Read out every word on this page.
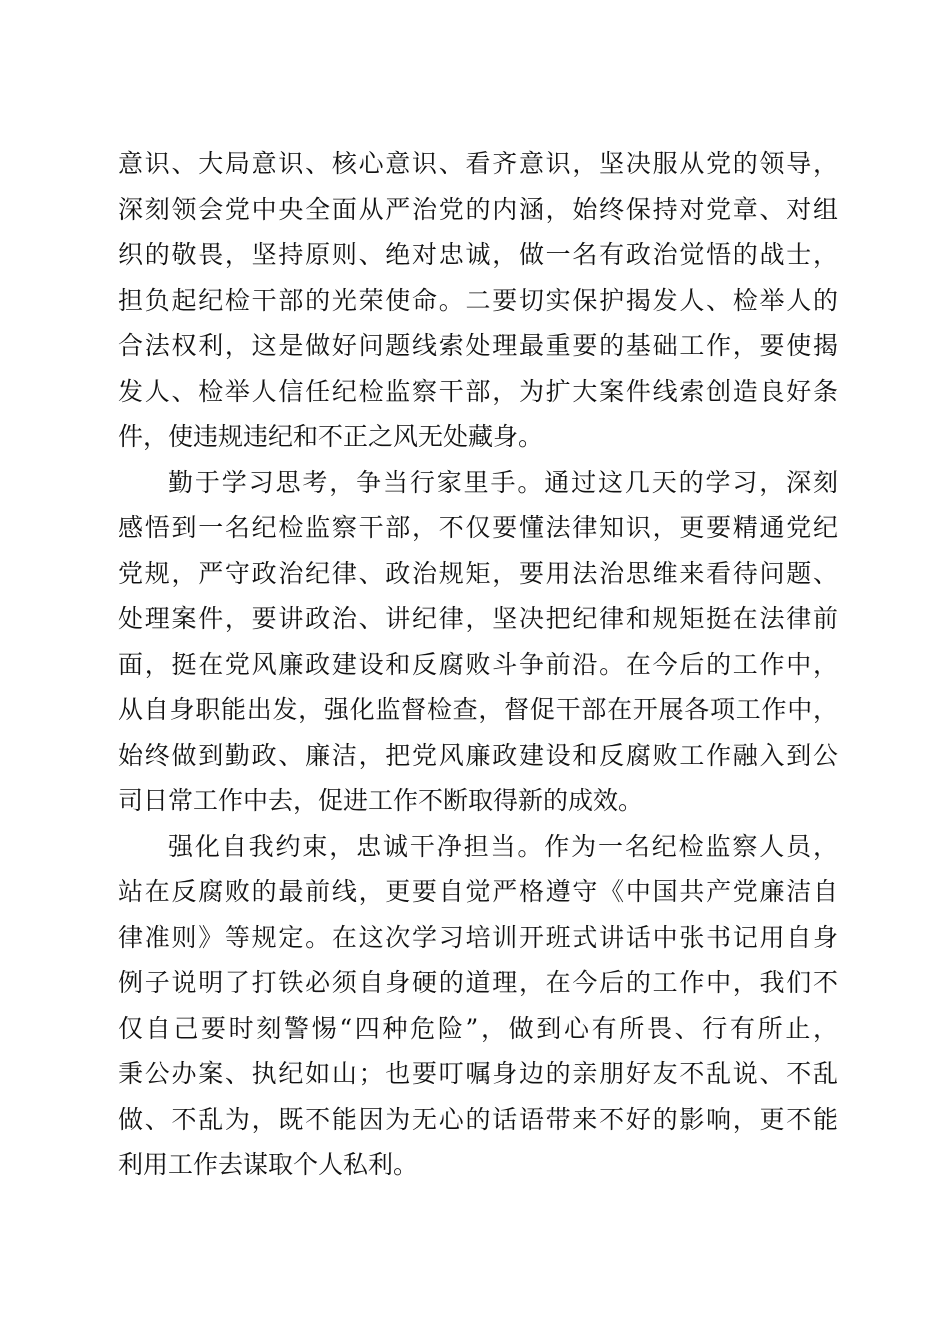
意识、大局意识、核心意识、看齐意识，坚决服从党的领导，
深刻领会党中央全面从严治党的内涵，始终保持对党章、对组
织的敬畏，坚持原则、绝对忠诚，做一名有政治觉悟的战士，
担负起纪检干部的光荣使命。二要切实保护揭发人、检举人的
合法权利，这是做好问题线索处理最重要的基础工作，要使揭
发人、检举人信任纪检监察干部，为扩大案件线索创造良好条
件，使违规违纪和不正之风无处藏身。
勤于学习思考，争当行家里手。通过这几天的学习，深刻
感悟到一名纪检监察干部，不仅要懂法律知识，更要精通党纪
党规，严守政治纪律、政治规矩，要用法治思维来看待问题、
处理案件，要讲政治、讲纪律，坚决把纪律和规矩挺在法律前
面，挺在党风廉政建设和反腐败斗争前沿。在今后的工作中，
从自身职能出发，强化监督检查，督促干部在开展各项工作中，
始终做到勤政、廉洁，把党风廉政建设和反腐败工作融入到公
司日常工作中去，促进工作不断取得新的成效。
强化自我约束，忠诚干净担当。作为一名纪检监察人员，
站在反腐败的最前线，更要自觉严格遵守《中国共产党廉洁自
律准则》等规定。在这次学习培训开班式讲话中张书记用自身
例子说明了打铁必须自身硬的道理，在今后的工作中，我们不
仅自己要时刻警惕“四种危险”，做到心有所畏、行有所止，
秉公办案、执纪如山；也要叮嘱身边的亲朋好友不乱说、不乱
做、不乱为，既不能因为无心的话语带来不好的影响，更不能
利用工作去谋取个人私利。
